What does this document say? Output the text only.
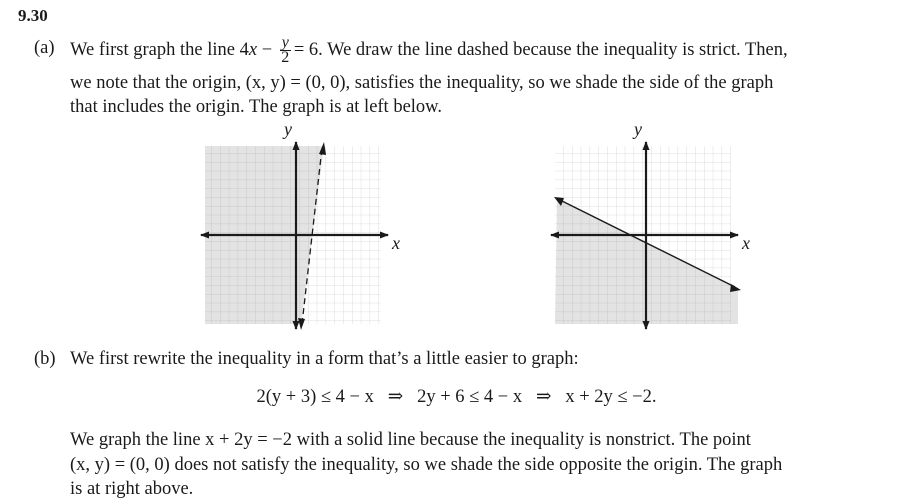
9.30
(a) We first graph the line $4x - \frac{y}{2} = 6$. We draw the line dashed because the inequality is strict. Then,
we note that the origin, (x, y) = (0, 0), satisfies the inequality, so we shade the side of the graph
that includes the origin. The graph is at left below.
y
x
y
x
(b) We first rewrite the inequality in a form that’s a little easier to graph:
2(y + 3) ≤ 4 − x   ⇒   2y + 6 ≤ 4 − x   ⇒   x + 2y ≤ −2.
We graph the line x + 2y = −2 with a solid line because the inequality is nonstrict. The point
(x, y) = (0, 0) does not satisfy the inequality, so we shade the side opposite the origin. The graph
is at right above.
